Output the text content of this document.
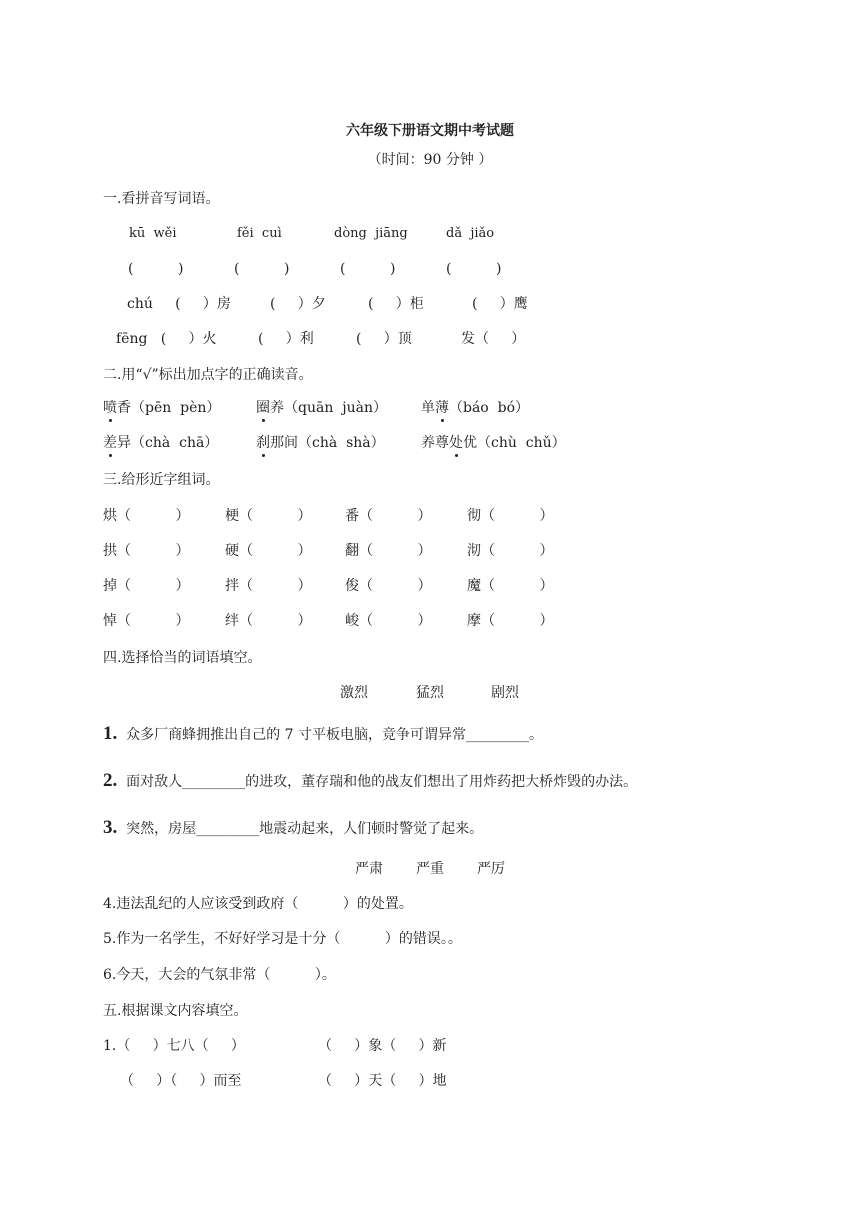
六年级下册语文期中考试题
（时间：90 分钟 ）
一.看拼音写词语。
kū  wěi	fěi  cuì	dòng  jiāng	dǎ  jiǎo
(          )	(          )	(          )	(          )
chú     (     ）房	(     ）夕	(     ）柜	(     ）鹰
fēng   (     ）火	(     ）利	(     ）顶	发（     ）
二.用“√”标出加点字的正确读音。
喷香（pēn  pèn）	圈养（quān  juàn） 单薄（báo  bó）
差异（chà  chā）	刹那间（chà  shà）	养尊处优（chù  chǔ）
三.给形近字组词。
烘（          ）	梗（          ） 番（          ）	彻（          ）
拱（          ）	硬（          ） 翻（          ）	沏（          ）
掉（          ）	拌（          ） 俊（          ）	魔（          ）
悼（          ）	绊（          ） 峻（          ）	摩（          ）
四.选择恰当的词语填空。
激烈	猛烈	剧烈
1. 众多厂商蜂拥推出自己的 7 寸平板电脑，竞争可谓异常_________。
2. 面对敌人_________的进攻，董存瑞和他的战友们想出了用炸药把大桥炸毁的办法。
3. 突然，房屋_________地震动起来，人们顿时警觉了起来。
严肃 严重 严厉
4.违法乱纪的人应该受到政府（          ）的处置。
5.作为一名学生，不好好学习是十分（          ）的错误。。
6.今天，大会的气氛非常（          ）。
五.根据课文内容填空。
1.（     ）七八（     ）	（     ）象（     ）新
（     ）（     ）而至	（     ）天（     ）地
